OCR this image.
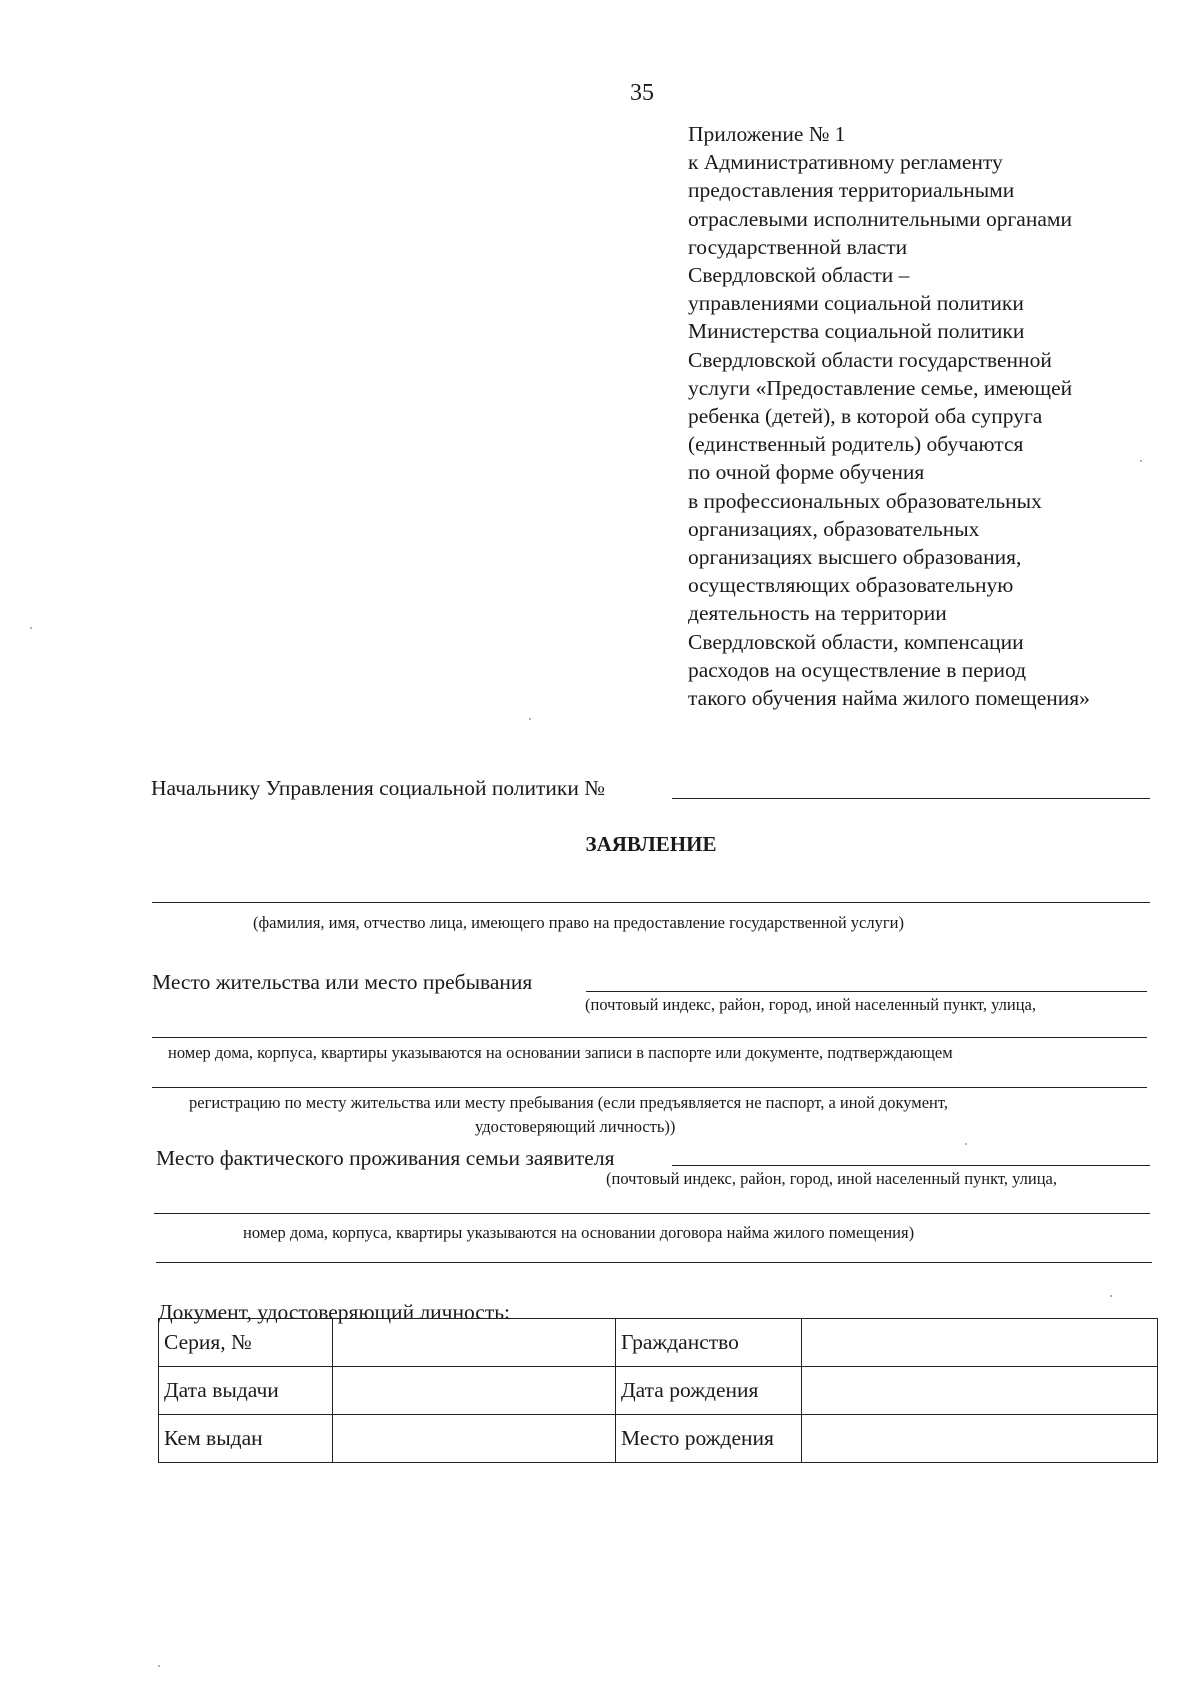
35
Приложение № 1
к Административному регламенту
предоставления территориальными
отраслевыми исполнительными органами
государственной власти
Свердловской области –
управлениями социальной политики
Министерства социальной политики
Свердловской области государственной
услуги «Предоставление семье, имеющей
ребенка (детей), в которой оба супруга
(единственный родитель) обучаются
по очной форме обучения
в профессиональных образовательных
организациях, образовательных
организациях высшего образования,
осуществляющих образовательную
деятельность на территории
Свердловской области, компенсации
расходов на осуществление в период
такого обучения найма жилого помещения»
Начальнику Управления социальной политики №
ЗАЯВЛЕНИЕ
(фамилия, имя, отчество лица, имеющего право на предоставление государственной услуги)
Место жительства или место пребывания
(почтовый индекс, район, город, иной населенный пункт, улица,
номер дома, корпуса, квартиры указываются на основании записи в паспорте или документе, подтверждающем
регистрацию по месту жительства или месту пребывания (если предъявляется не паспорт, а иной документ,
удостоверяющий личность))
Место фактического проживания семьи заявителя
(почтовый индекс, район, город, иной населенный пункт, улица,
номер дома, корпуса, квартиры указываются на основании договора найма жилого помещения)
Документ, удостоверяющий личность:
Серия, №		Гражданство	
Дата выдачи		Дата рождения	
Кем выдан		Место рождения	
